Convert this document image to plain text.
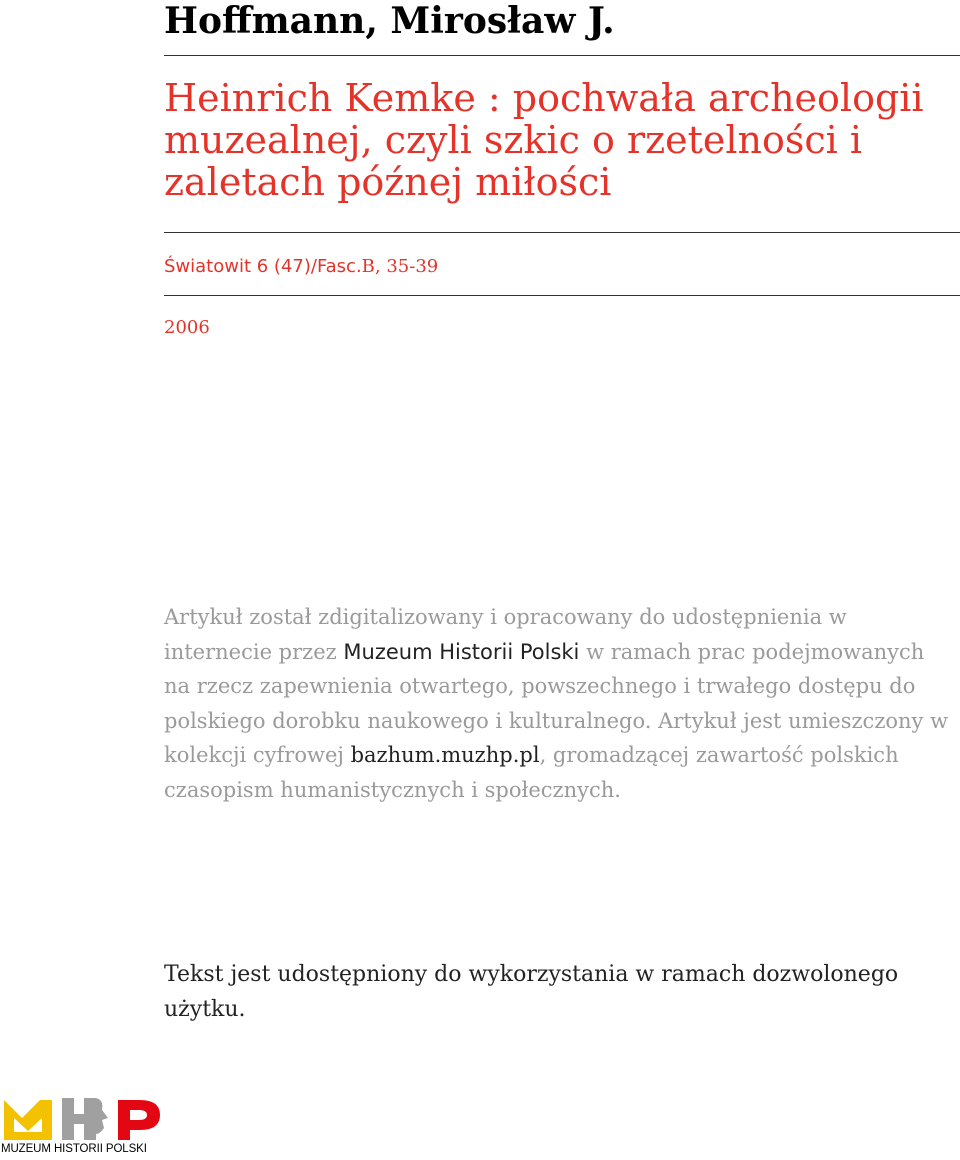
Hoffmann, Mirosław J.
Heinrich Kemke : pochwała archeologii muzealnej, czyli szkic o rzetelności i zaletach późnej miłości
Światowit 6 (47)/Fasc.B, 35-39
2006

Artykuł został zdigitalizowany i opracowany do udostępnienia w internecie przez Muzeum Historii Polski w ramach prac podejmowanych na rzecz zapewnienia otwartego, powszechnego i trwałego dostępu do polskiego dorobku naukowego i kulturalnego. Artykuł jest umieszczony w kolekcji cyfrowej bazhum.muzhp.pl, gromadzącej zawartość polskich czasopism humanistycznych i społecznych.

Tekst jest udostępniony do wykorzystania w ramach dozwolonego użytku.

MUZEUM HISTORII POLSKI
